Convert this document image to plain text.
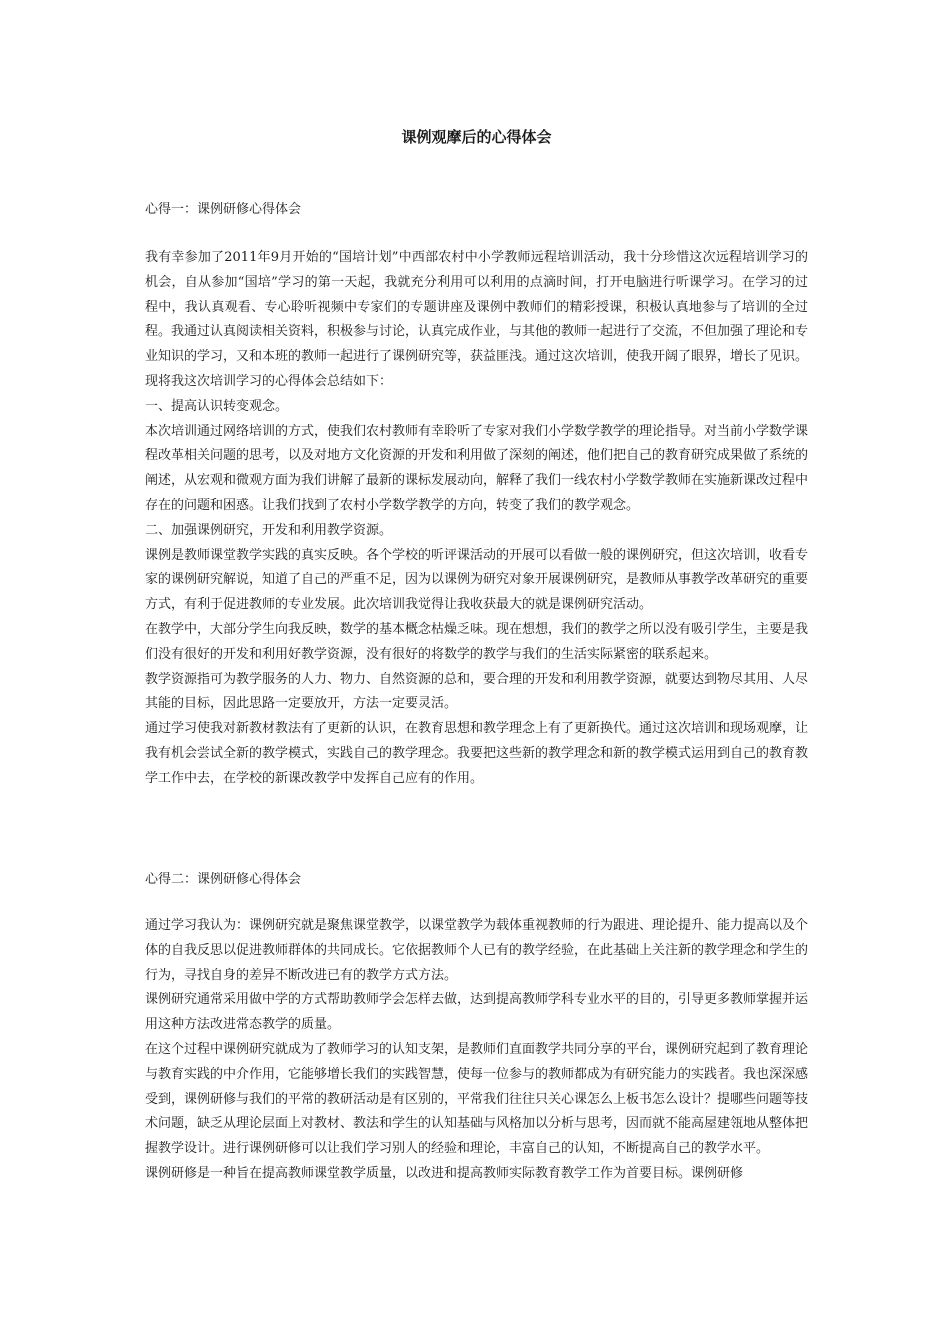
课例观摩后的心得体会
心得一：课例研修心得体会

我有幸参加了2011年9月开始的“国培计划”中西部农村中小学教师远程培训活动，我十分珍惜这次远程培训学习的机会，自从参加“国培”学习的第一天起，我就充分利用可以利用的点滴时间，打开电脑进行听课学习。在学习的过程中，我认真观看、专心聆听视频中专家们的专题讲座及课例中教师们的精彩授课，积极认真地参与了培训的全过程。我通过认真阅读相关资料，积极参与讨论，认真完成作业，与其他的教师一起进行了交流，不但加强了理论和专业知识的学习，又和本班的教师一起进行了课例研究等，获益匪浅。通过这次培训，使我开阔了眼界，增长了见识。现将我这次培训学习的心得体会总结如下：

一、提高认识转变观念。

本次培训通过网络培训的方式，使我们农村教师有幸聆听了专家对我们小学数学教学的理论指导。对当前小学数学课程改革相关问题的思考，以及对地方文化资源的开发和利用做了深刻的阐述，他们把自己的教育研究成果做了系统的阐述，从宏观和微观方面为我们讲解了最新的课标发展动向，解释了我们一线农村小学数学教师在实施新课改过程中存在的问题和困惑。让我们找到了农村小学数学教学的方向，转变了我们的教学观念。

二、加强课例研究，开发和利用教学资源。

课例是教师课堂教学实践的真实反映。各个学校的听评课活动的开展可以看做一般的课例研究，但这次培训，收看专家的课例研究解说，知道了自己的严重不足，因为以课例为研究对象开展课例研究，是教师从事教学改革研究的重要方式，有利于促进教师的专业发展。此次培训我觉得让我收获最大的就是课例研究活动。

在教学中，大部分学生向我反映，数学的基本概念枯燥乏味。现在想想，我们的教学之所以没有吸引学生，主要是我们没有很好的开发和利用好教学资源，没有很好的将数学的教学与我们的生活实际紧密的联系起来。

教学资源指可为教学服务的人力、物力、自然资源的总和，要合理的开发和利用教学资源，就要达到物尽其用、人尽其能的目标，因此思路一定要放开，方法一定要灵活。

通过学习使我对新教材教法有了更新的认识，在教育思想和教学理念上有了更新换代。通过这次培训和现场观摩，让我有机会尝试全新的教学模式，实践自己的教学理念。我要把这些新的教学理念和新的教学模式运用到自己的教育教学工作中去，在学校的新课改教学中发挥自己应有的作用。

心得二：课例研修心得体会

通过学习我认为：课例研究就是聚焦课堂教学，以课堂教学为载体重视教师的行为跟进、理论提升、能力提高以及个体的自我反思以促进教师群体的共同成长。它依据教师个人已有的教学经验，在此基础上关注新的教学理念和学生的行为，寻找自身的差异不断改进已有的教学方式方法。

课例研究通常采用做中学的方式帮助教师学会怎样去做，达到提高教师学科专业水平的目的，引导更多教师掌握并运用这种方法改进常态教学的质量。

在这个过程中课例研究就成为了教师学习的认知支架，是教师们直面教学共同分享的平台，课例研究起到了教育理论与教育实践的中介作用，它能够增长我们的实践智慧，使每一位参与的教师都成为有研究能力的实践者。我也深深感受到，课例研修与我们的平常的教研活动是有区别的，平常我们往往只关心课怎么上板书怎么设计？提哪些问题等技术问题，缺乏从理论层面上对教材、教法和学生的认知基础与风格加以分析与思考，因而就不能高屋建瓴地从整体把握教学设计。进行课例研修可以让我们学习别人的经验和理论，丰富自己的认知，不断提高自己的教学水平。

课例研修是一种旨在提高教师课堂教学质量，以改进和提高教师实际教育教学工作为首要目标。课例研修
